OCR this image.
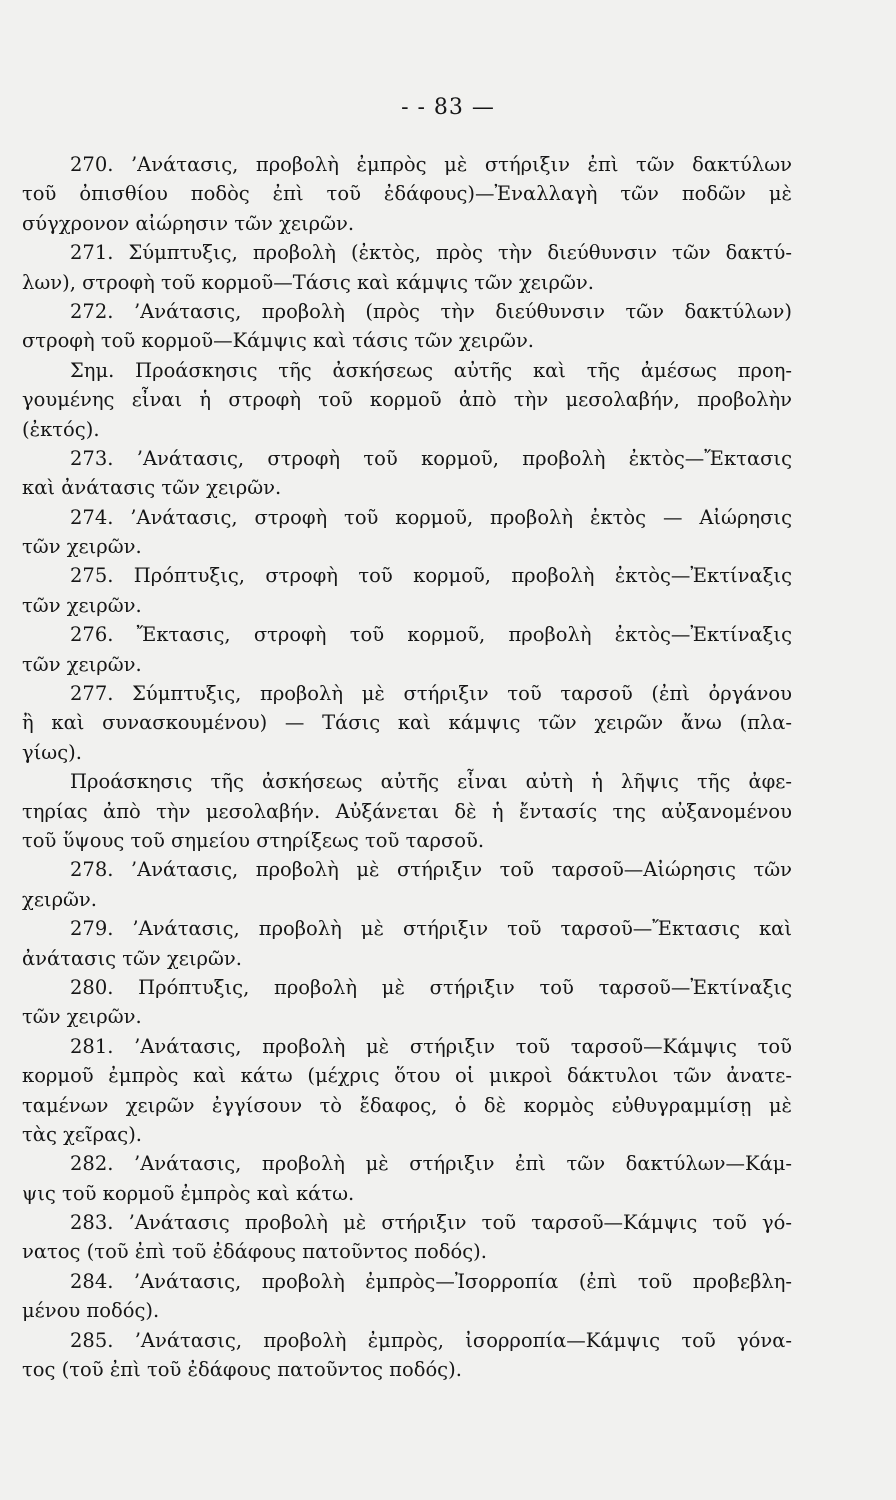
- - 83 —
270. ’Ανάτασις, προβολὴ ἐμπρὸς μὲ στήριξιν ἐπὶ τῶν δακτύλων
τοῦ ὀπισθίου ποδὸς ἐπὶ τοῦ ἐδάφους)—Ἐναλλαγὴ τῶν ποδῶν μὲ
σύγχρονον αἰώρησιν τῶν χειρῶν.
271. Σύμπτυξις, προβολὴ (ἐκτὸς, πρὸς τὴν διεύθυνσιν τῶν δακτύ-
λων), στροφὴ τοῦ κορμοῦ—Τάσις καὶ κάμψις τῶν χειρῶν.
272. ’Ανάτασις, προβολὴ (πρὸς τὴν διεύθυνσιν τῶν δακτύλων)
στροφὴ τοῦ κορμοῦ—Κάμψις καὶ τάσις τῶν χειρῶν.
Σημ. Προάσκησις τῆς ἀσκήσεως αὐτῆς καὶ τῆς ἀμέσως προη-
γουμένης εἶναι ἡ στροφὴ τοῦ κορμοῦ ἀπὸ τὴν μεσολαβήν, προβολὴν
(ἐκτός).
273. ’Ανάτασις, στροφὴ τοῦ κορμοῦ, προβολὴ ἐκτὸς—Ἔκτασις
καὶ ἀνάτασις τῶν χειρῶν.
274. ’Ανάτασις, στροφὴ τοῦ κορμοῦ, προβολὴ ἐκτὸς — Αἰώρησις
τῶν χειρῶν.
275. Πρόπτυξις, στροφὴ τοῦ κορμοῦ, προβολὴ ἐκτὸς—Ἐκτίναξις
τῶν χειρῶν.
276. Ἔκτασις, στροφὴ τοῦ κορμοῦ, προβολὴ ἐκτὸς—Ἐκτίναξις
τῶν χειρῶν.
277. Σύμπτυξις, προβολὴ μὲ στήριξιν τοῦ ταρσοῦ (ἐπὶ ὀργάνου
ἢ καὶ συνασκουμένου) — Τάσις καὶ κάμψις τῶν χειρῶν ἄνω (πλα-
γίως).
Προάσκησις τῆς ἀσκήσεως αὐτῆς εἶναι αὐτὴ ἡ λῆψις τῆς ἀφε-
τηρίας ἀπὸ τὴν μεσολαβήν. Αὐξάνεται δὲ ἡ ἔντασίς της αὐξανομένου
τοῦ ὕψους τοῦ σημείου στηρίξεως τοῦ ταρσοῦ.
278. ’Ανάτασις, προβολὴ μὲ στήριξιν τοῦ ταρσοῦ—Αἰώρησις τῶν
χειρῶν.
279. ’Ανάτασις, προβολὴ μὲ στήριξιν τοῦ ταρσοῦ—Ἔκτασις καὶ
ἀνάτασις τῶν χειρῶν.
280. Πρόπτυξις, προβολὴ μὲ στήριξιν τοῦ ταρσοῦ—Ἐκτίναξις
τῶν χειρῶν.
281. ’Ανάτασις, προβολὴ μὲ στήριξιν τοῦ ταρσοῦ—Κάμψις τοῦ
κορμοῦ ἐμπρὸς καὶ κάτω (μέχρις ὅτου οἱ μικροὶ δάκτυλοι τῶν ἀνατε-
ταμένων χειρῶν ἐγγίσουν τὸ ἔδαφος, ὁ δὲ κορμὸς εὐθυγραμμίσῃ μὲ
τὰς χεῖρας).
282. ’Ανάτασις, προβολὴ μὲ στήριξιν ἐπὶ τῶν δακτύλων—Κάμ-
ψις τοῦ κορμοῦ ἐμπρὸς καὶ κάτω.
283. ’Ανάτασις προβολὴ μὲ στήριξιν τοῦ ταρσοῦ—Κάμψις τοῦ γό-
νατος (τοῦ ἐπὶ τοῦ ἐδάφους πατοῦντος ποδός).
284. ’Ανάτασις, προβολὴ ἐμπρὸς—Ἰσορροπία (ἐπὶ τοῦ προβεβλη-
μένου ποδός).
285. ’Ανάτασις, προβολὴ ἐμπρὸς, ἰσορροπία—Κάμψις τοῦ γόνα-
τος (τοῦ ἐπὶ τοῦ ἐδάφους πατοῦντος ποδός).
